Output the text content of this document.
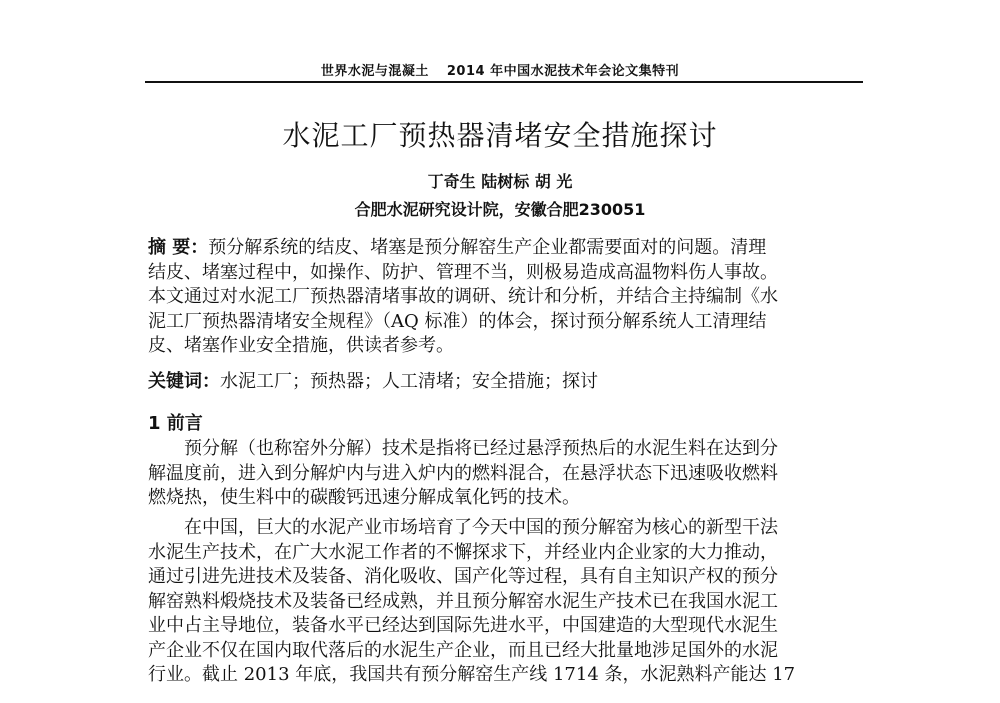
世界水泥与混凝土 2014 年中国水泥技术年会论文集特刊
水泥工厂预热器清堵安全措施探讨
丁奇生 陆树标 胡 光
合肥水泥研究设计院，安徽合肥230051
摘 要：预分解系统的结皮、堵塞是预分解窑生产企业都需要面对的问题。清理
结皮、堵塞过程中，如操作、防护、管理不当，则极易造成高温物料伤人事故。
本文通过对水泥工厂预热器清堵事故的调研、统计和分析，并结合主持编制《水
泥工厂预热器清堵安全规程》（AQ 标准）的体会，探讨预分解系统人工清理结
皮、堵塞作业安全措施，供读者参考。
关键词：水泥工厂；预热器；人工清堵；安全措施；探讨
1 前言
预分解（也称窑外分解）技术是指将已经过悬浮预热后的水泥生料在达到分
解温度前，进入到分解炉内与进入炉内的燃料混合，在悬浮状态下迅速吸收燃料
燃烧热，使生料中的碳酸钙迅速分解成氧化钙的技术。
在中国，巨大的水泥产业市场培育了今天中国的预分解窑为核心的新型干法
水泥生产技术，在广大水泥工作者的不懈探求下，并经业内企业家的大力推动，
通过引进先进技术及装备、消化吸收、国产化等过程，具有自主知识产权的预分
解窑熟料煅烧技术及装备已经成熟，并且预分解窑水泥生产技术已在我国水泥工
业中占主导地位，装备水平已经达到国际先进水平，中国建造的大型现代水泥生
产企业不仅在国内取代落后的水泥生产企业，而且已经大批量地涉足国外的水泥
行业。截止 2013 年底，我国共有预分解窑生产线 1714 条，水泥熟料产能达 17
